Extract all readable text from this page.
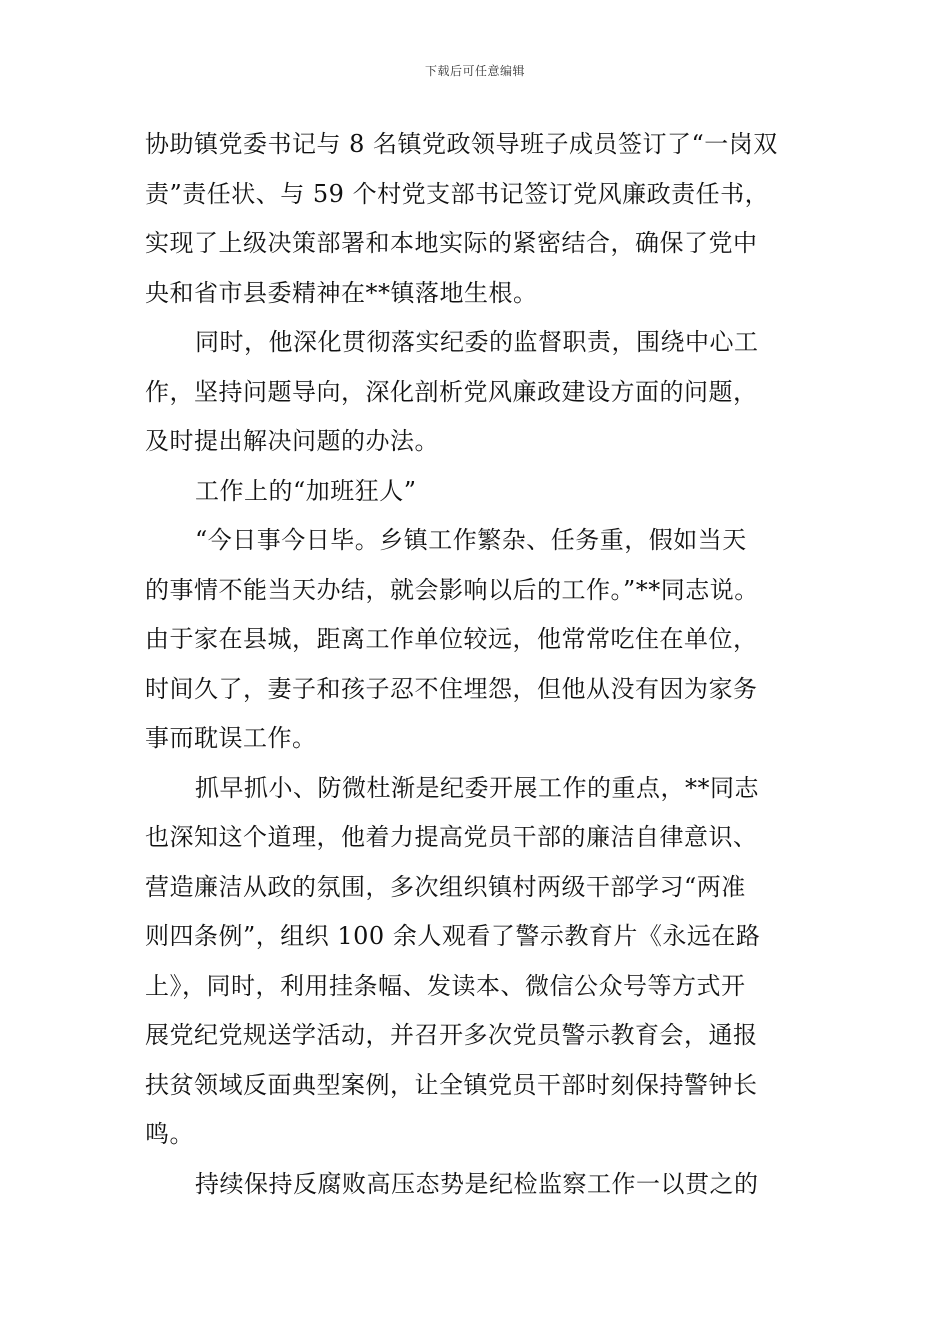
下载后可任意编辑
协助镇党委书记与 8 名镇党政领导班子成员签订了“一岗双
责”责任状、与 59 个村党支部书记签订党风廉政责任书，
实现了上级决策部署和本地实际的紧密结合，确保了党中
央和省市县委精神在**镇落地生根。
同时，他深化贯彻落实纪委的监督职责，围绕中心工
作，坚持问题导向，深化剖析党风廉政建设方面的问题，
及时提出解决问题的办法。
工作上的“加班狂人”
“今日事今日毕。乡镇工作繁杂、任务重，假如当天
的事情不能当天办结，就会影响以后的工作。”**同志说。
由于家在县城，距离工作单位较远，他常常吃住在单位，
时间久了，妻子和孩子忍不住埋怨，但他从没有因为家务
事而耽误工作。
抓早抓小、防微杜渐是纪委开展工作的重点，**同志
也深知这个道理，他着力提高党员干部的廉洁自律意识、
营造廉洁从政的氛围，多次组织镇村两级干部学习“两准
则四条例”，组织 100 余人观看了警示教育片《永远在路
上》，同时，利用挂条幅、发读本、微信公众号等方式开
展党纪党规送学活动，并召开多次党员警示教育会，通报
扶贫领域反面典型案例，让全镇党员干部时刻保持警钟长
鸣。
持续保持反腐败高压态势是纪检监察工作一以贯之的
